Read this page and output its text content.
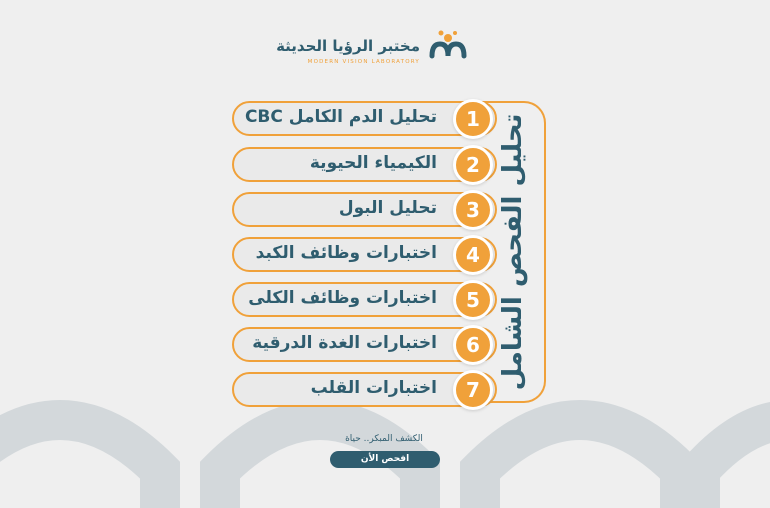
مختبر الرؤيا الحديثة
MODERN VISION LABORATORY
تحليل الفحص الشامل
تحليل الدم الكامل CBC	1
الكيمياء الحيوية	2
تحليل البول	3
اختبارات وظائف الكبد	4
اختبارات وظائف الكلى	5
اختبارات الغدة الدرقية	6
اختبارات القلب	7
الكشف المبكر.. حياة
افحص الأن
